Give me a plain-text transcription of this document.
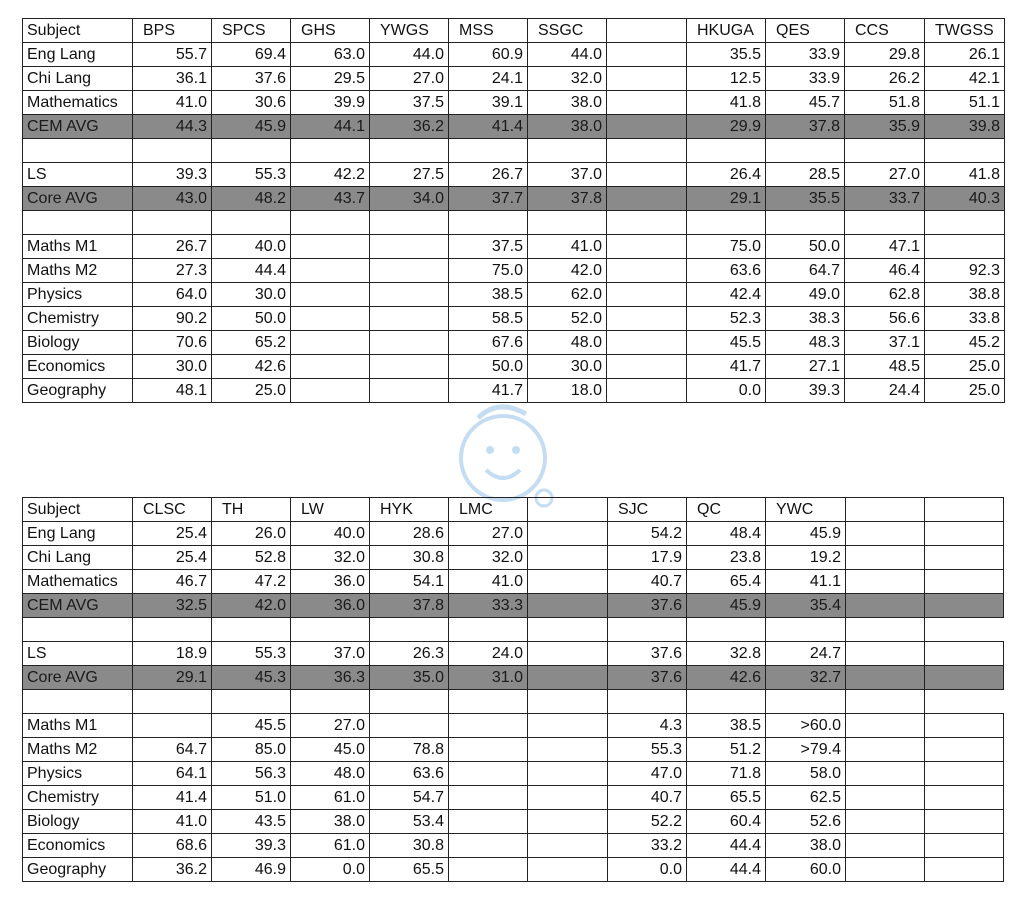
Subject	BPS	SPCS	GHS	YWGS	MSS	SSGC		HKUGA	QES	CCS	TWGSS
Eng Lang	55.7	69.4	63.0	44.0	60.9	44.0		35.5	33.9	29.8	26.1
Chi Lang	36.1	37.6	29.5	27.0	24.1	32.0		12.5	33.9	26.2	42.1
Mathematics	41.0	30.6	39.9	37.5	39.1	38.0		41.8	45.7	51.8	51.1
CEM AVG	44.3	45.9	44.1	36.2	41.4	38.0		29.9	37.8	35.9	39.8

LS	39.3	55.3	42.2	27.5	26.7	37.0		26.4	28.5	27.0	41.8
Core AVG	43.0	48.2	43.7	34.0	37.7	37.8		29.1	35.5	33.7	40.3

Maths M1	26.7	40.0			37.5	41.0		75.0	50.0	47.1	
Maths M2	27.3	44.4			75.0	42.0		63.6	64.7	46.4	92.3
Physics	64.0	30.0			38.5	62.0		42.4	49.0	62.8	38.8
Chemistry	90.2	50.0			58.5	52.0		52.3	38.3	56.6	33.8
Biology	70.6	65.2			67.6	48.0		45.5	48.3	37.1	45.2
Economics	30.0	42.6			50.0	30.0		41.7	27.1	48.5	25.0
Geography	48.1	25.0			41.7	18.0		0.0	39.3	24.4	25.0
Subject	CLSC	TH	LW	HYK	LMC		SJC	QC	YWC		
Eng Lang	25.4	26.0	40.0	28.6	27.0		54.2	48.4	45.9		
Chi Lang	25.4	52.8	32.0	30.8	32.0		17.9	23.8	19.2		
Mathematics	46.7	47.2	36.0	54.1	41.0		40.7	65.4	41.1		
CEM AVG	32.5	42.0	36.0	37.8	33.3		37.6	45.9	35.4		

LS	18.9	55.3	37.0	26.3	24.0		37.6	32.8	24.7		
Core AVG	29.1	45.3	36.3	35.0	31.0		37.6	42.6	32.7		

Maths M1		45.5	27.0				4.3	38.5	>60.0		
Maths M2	64.7	85.0	45.0	78.8			55.3	51.2	>79.4		
Physics	64.1	56.3	48.0	63.6			47.0	71.8	58.0		
Chemistry	41.4	51.0	61.0	54.7			40.7	65.5	62.5		
Biology	41.0	43.5	38.0	53.4			52.2	60.4	52.6		
Economics	68.6	39.3	61.0	30.8			33.2	44.4	38.0		
Geography	36.2	46.9	0.0	65.5			0.0	44.4	60.0		
